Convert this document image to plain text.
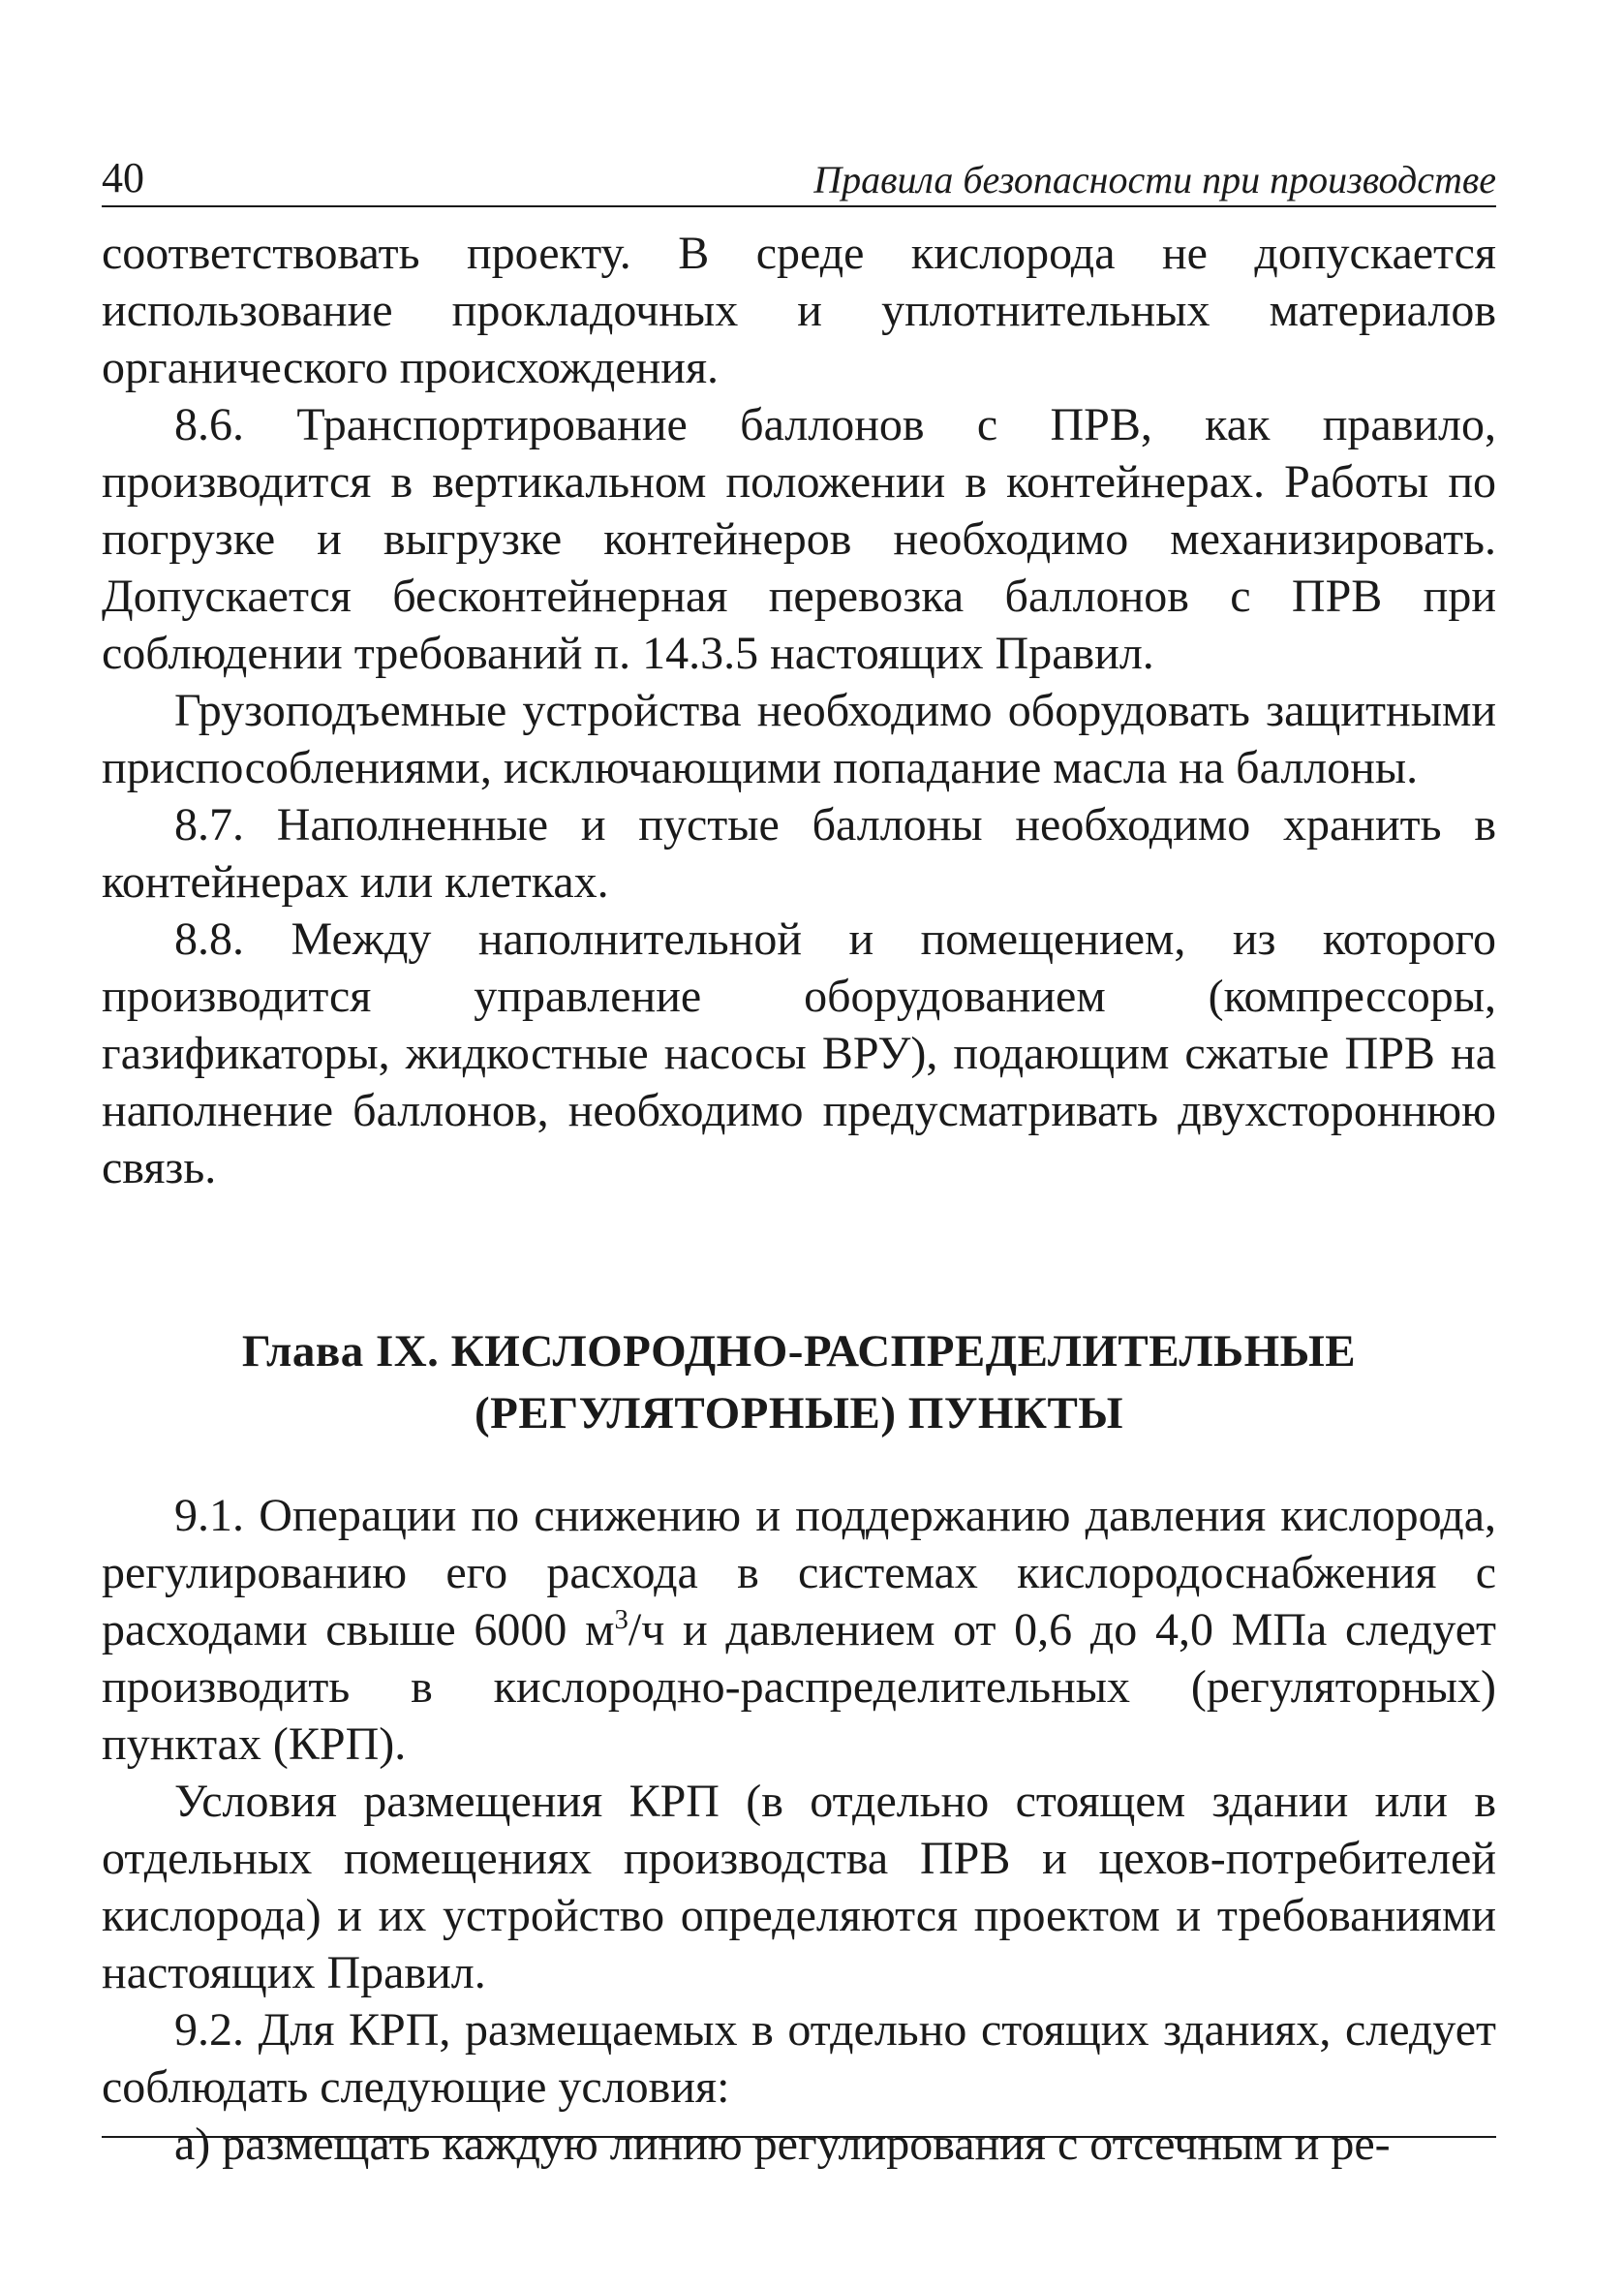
40	Правила безопасности при производстве

соответствовать проекту. В среде кислорода не допускается использование прокладочных и уплотнительных материалов органического происхождения.

8.6. Транспортирование баллонов с ПРВ, как правило, производится в вертикальном положении в контейнерах. Работы по погрузке и выгрузке контейнеров необходимо механизировать. Допускается бесконтейнерная перевозка баллонов с ПРВ при соблюдении требований п. 14.3.5 настоящих Правил.

Грузоподъемные устройства необходимо оборудовать защитными приспособлениями, исключающими попадание масла на баллоны.

8.7. Наполненные и пустые баллоны необходимо хранить в контейнерах или клетках.

8.8. Между наполнительной и помещением, из которого производится управление оборудованием (компрессоры, газификаторы, жидкостные насосы ВРУ), подающим сжатые ПРВ на наполнение баллонов, необходимо предусматривать двухстороннюю связь.

Глава IX. КИСЛОРОДНО-РАСПРЕДЕЛИТЕЛЬНЫЕ
(РЕГУЛЯТОРНЫЕ) ПУНКТЫ

9.1. Операции по снижению и поддержанию давления кислорода, регулированию его расхода в системах кислородоснабжения с расходами свыше 6000 $м^3/ч$ и давлением от 0,6 до 4,0 МПа следует производить в кислородно-распределительных (регуляторных) пунктах (КРП).

Условия размещения КРП (в отдельно стоящем здании или в отдельных помещениях производства ПРВ и цехов-потребителей кислорода) и их устройство определяются проектом и требованиями настоящих Правил.

9.2. Для КРП, размещаемых в отдельно стоящих зданиях, следует соблюдать следующие условия:

а) размещать каждую линию регулирования с отсечным и ре-
